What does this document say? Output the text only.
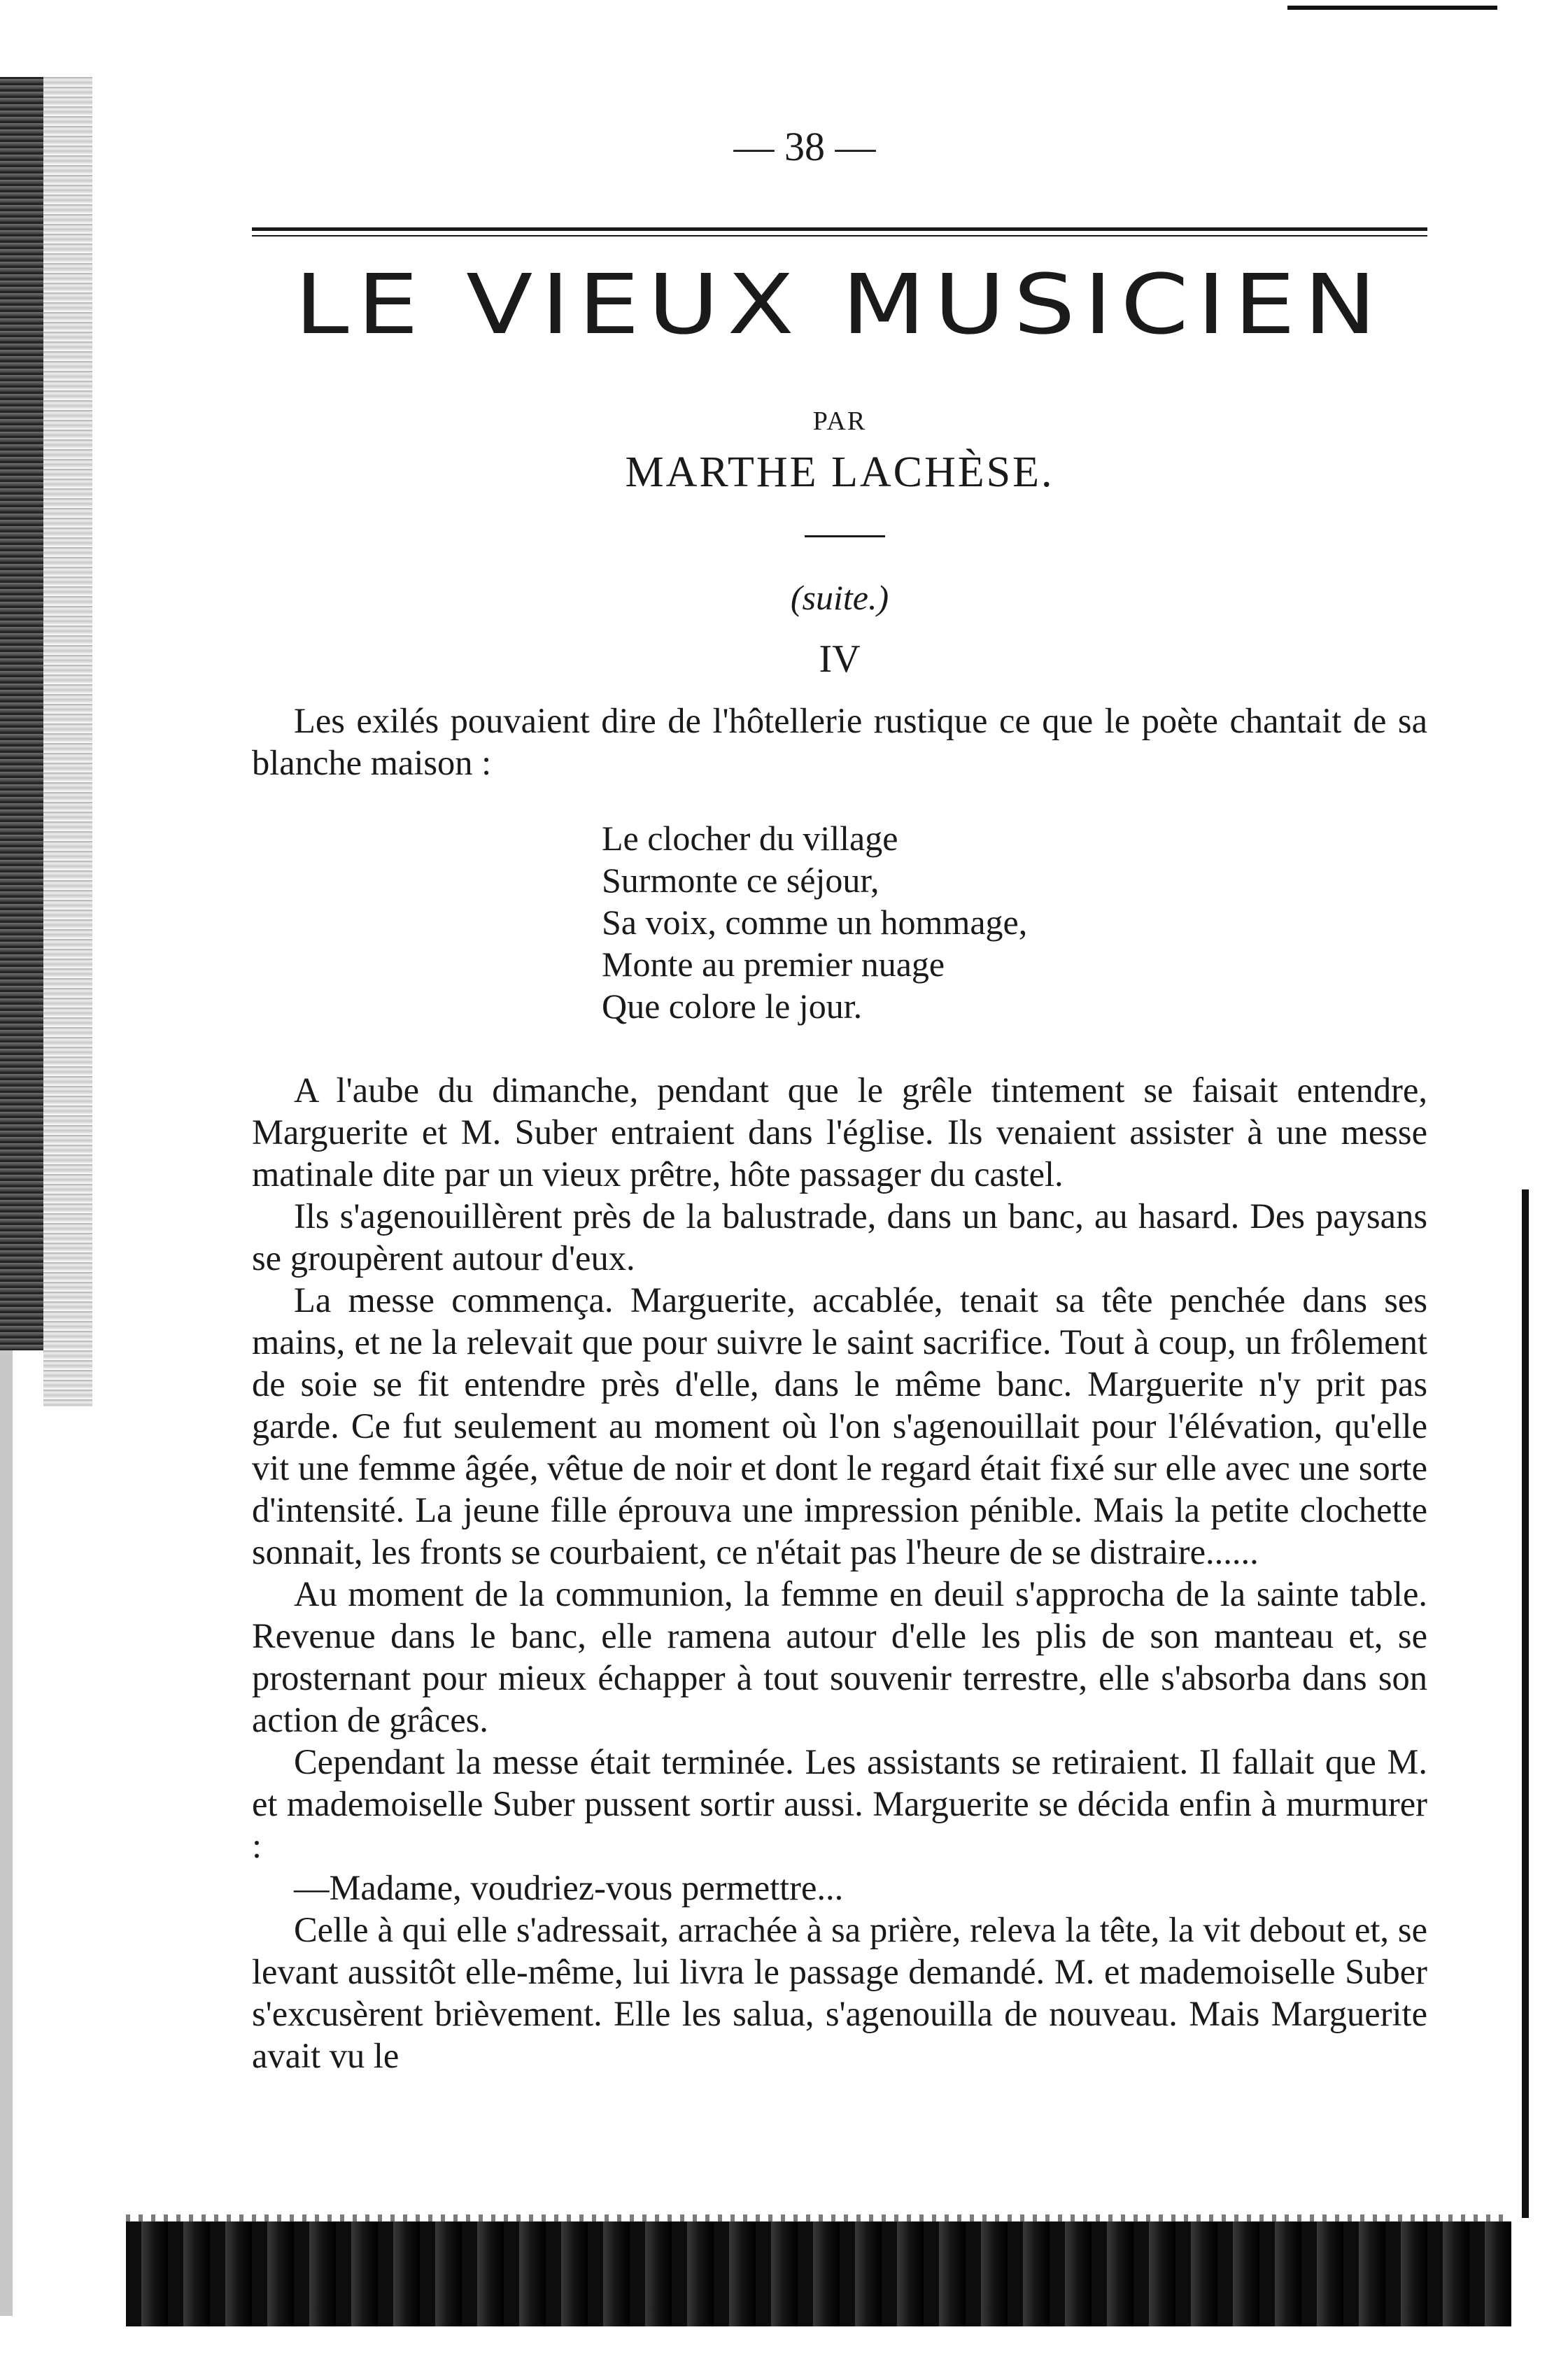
— 38 —
LE VIEUX MUSICIEN
PAR
MARTHE LACHÈSE.
(suite.)
IV

Les exilés pouvaient dire de l'hôtellerie rustique ce que le poète chantait de sa blanche maison :

Le clocher du village
Surmonte ce séjour,
Sa voix, comme un hommage,
Monte au premier nuage
Que colore le jour.

A l'aube du dimanche, pendant que le grêle tintement se faisait entendre, Marguerite et M. Suber entraient dans l'église. Ils venaient assister à une messe matinale dite par un vieux prêtre, hôte passager du castel.

Ils s'agenouillèrent près de la balustrade, dans un banc, au hasard. Des paysans se groupèrent autour d'eux.

La messe commença. Marguerite, accablée, tenait sa tête penchée dans ses mains, et ne la relevait que pour suivre le saint sacrifice. Tout à coup, un frôlement de soie se fit entendre près d'elle, dans le même banc. Marguerite n'y prit pas garde. Ce fut seulement au moment où l'on s'agenouillait pour l'élévation, qu'elle vit une femme âgée, vêtue de noir et dont le regard était fixé sur elle avec une sorte d'intensité. La jeune fille éprouva une impression pénible. Mais la petite clochette sonnait, les fronts se courbaient, ce n'était pas l'heure de se distraire......

Au moment de la communion, la femme en deuil s'approcha de la sainte table. Revenue dans le banc, elle ramena autour d'elle les plis de son manteau et, se prosternant pour mieux échapper à tout souvenir terrestre, elle s'absorba dans son action de grâces.

Cependant la messe était terminée. Les assistants se retiraient. Il fallait que M. et mademoiselle Suber pussent sortir aussi. Marguerite se décida enfin à murmurer :

—Madame, voudriez-vous permettre...

Celle à qui elle s'adressait, arrachée à sa prière, releva la tête, la vit debout et, se levant aussitôt elle-même, lui livra le passage demandé. M. et mademoiselle Suber s'excusèrent brièvement. Elle les salua, s'agenouilla de nouveau. Mais Marguerite avait vu le
